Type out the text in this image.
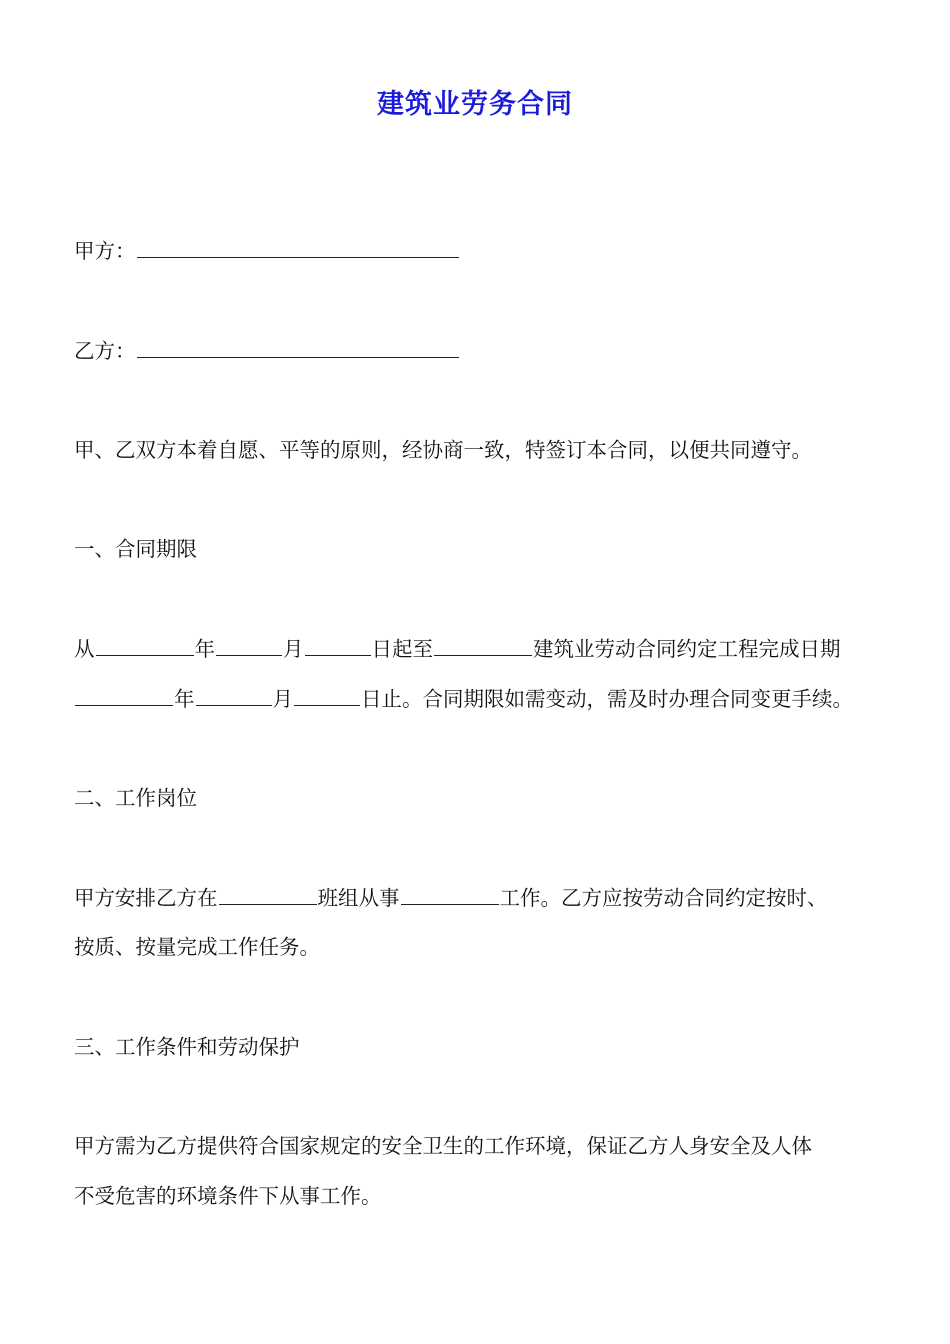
建筑业劳务合同
甲方：
乙方：
甲、乙双方本着自愿、平等的原则，经协商一致，特签订本合同，以便共同遵守。
一、合同期限
从	年	月	日起至	建筑业劳动合同约定工程完成日期
年	月	日止。合同期限如需变动，需及时办理合同变更手续。
二、工作岗位
甲方安排乙方在	班组从事	工作。乙方应按劳动合同约定按时、
按质、按量完成工作任务。
三、工作条件和劳动保护
甲方需为乙方提供符合国家规定的安全卫生的工作环境，保证乙方人身安全及人体
不受危害的环境条件下从事工作。
